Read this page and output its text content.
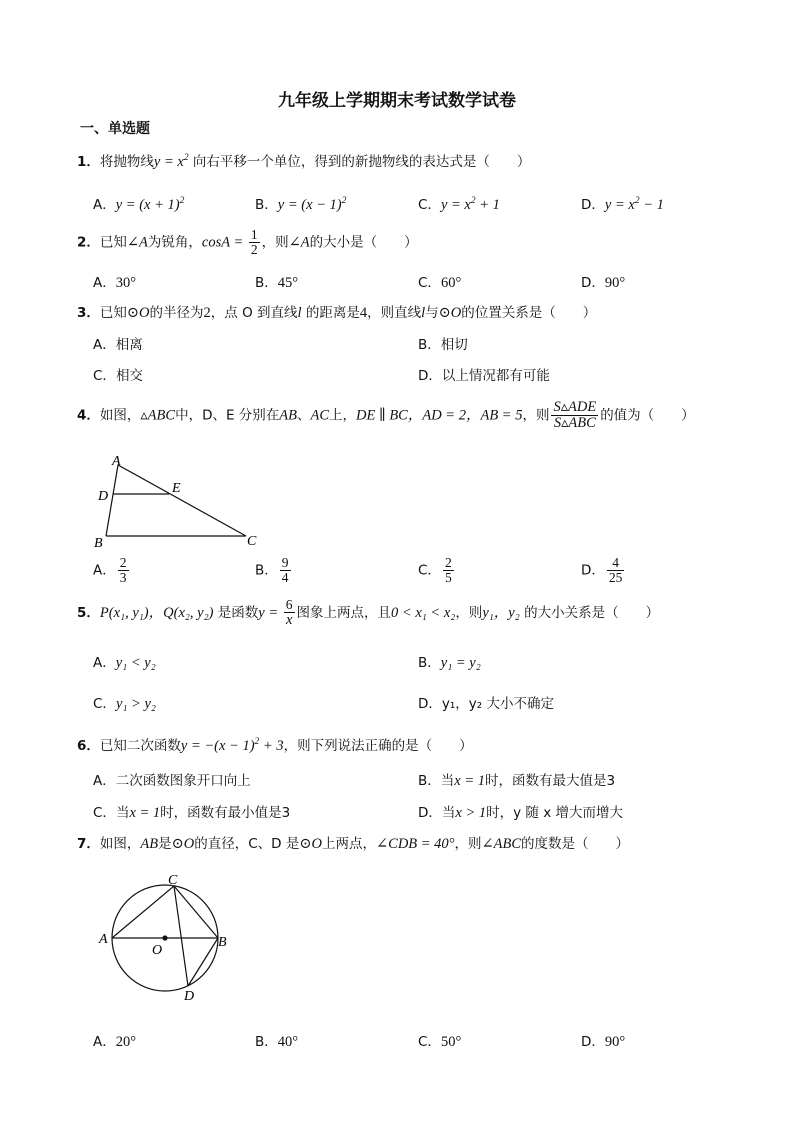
九年级上学期期末考试数学试卷
一、单选题
1．将抛物线$y = x^2$ 向右平移一个单位，得到的新抛物线的表达式是（　　）
A．$y = (x + 1)^2$	B．$y = (x - 1)^2$	C．$y = x^2 + 1$	D．$y = x^2 - 1$
2．已知∠A为锐角，$\cos A = \frac{1}{2}$ ，则∠A的大小是（　　）
A．30°	B．45°	C．60°	D．90°
3．已知⊙O的半径为2，点 O 到直线l 的距离是4，则直线l与⊙O的位置关系是（　　）
A．相离	B．相切
C．相交	D．以上情况都有可能
4．如图，▵ABC中，D、E 分别在AB、AC上，DE ∥ BC，AD = 2，AB = 5，则 $\frac{\text{S▵ADE}}{\text{S▵ABC}}$ 的值为（　　）
A
D
E
B	C
A． $\frac{2}{3}$	B． $\frac{9}{4}$	C． $\frac{2}{5}$	D． $\frac{4}{25}$
5．P(x₁, y₁)，Q(x₂, y₂) 是函数$y = \frac{6}{x}$ 图象上两点，且0 < x₁ < x₂，则y₁，y₂ 的大小关系是（　　）
A．y₁ < y₂	B．y₁ = y₂
C．y₁ > y₂	D．y₁，y₂ 大小不确定
6．已知二次函数$y = -(x - 1)^2 + 3$，则下列说法正确的是（　　）
A．二次函数图象开口向上	B．当x = 1时，函数有最大值是3
C．当x = 1时，函数有最小值是3	D．当x > 1时，y 随 x 增大而增大
7．如图，AB是⊙O的直径，C、D 是⊙O上两点，∠CDB = 40°，则∠ABC的度数是（　　）
C
A	B
O
D
A．20°	B．40°	C．50°	D．90°
